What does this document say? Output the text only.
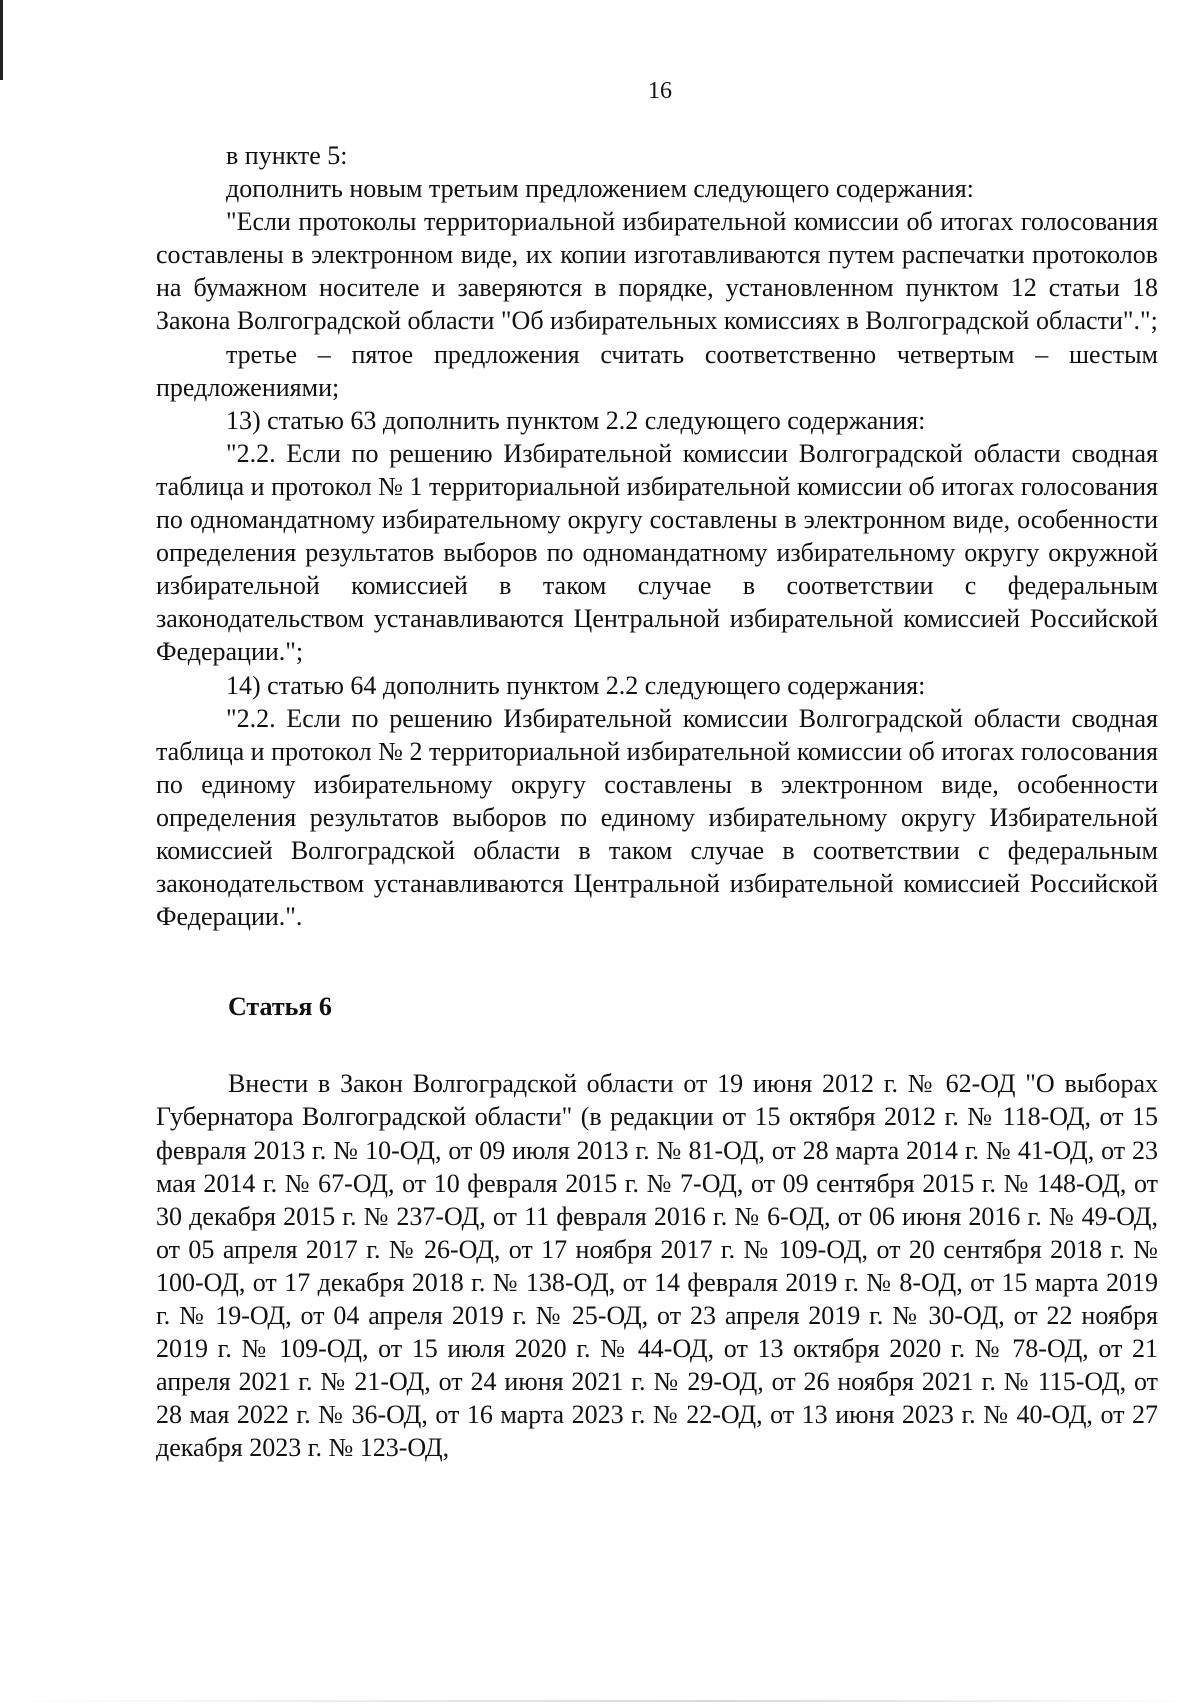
16

в пункте 5:

дополнить новым третьим предложением следующего содержания:

"Если протоколы территориальной избирательной комиссии об итогах голосования составлены в электронном виде, их копии изготавливаются путем распечатки протоколов на бумажном носителе и заверяются в порядке, установленном пунктом 12 статьи 18 Закона Волгоградской области "Об избирательных комиссиях в Волгоградской области".";

третье – пятое предложения считать соответственно четвертым – шестым предложениями;

13) статью 63 дополнить пунктом 2.2 следующего содержания:

"2.2. Если по решению Избирательной комиссии Волгоградской области сводная таблица и протокол № 1 территориальной избирательной комиссии об итогах голосования по одномандатному избирательному округу составлены в электронном виде, особенности определения результатов выборов по одномандатному избирательному округу окружной избирательной комиссией в таком случае в соответствии с федеральным законодательством устанавливаются Центральной избирательной комиссией Российской Федерации.";

14) статью 64 дополнить пунктом 2.2 следующего содержания:

"2.2. Если по решению Избирательной комиссии Волгоградской области сводная таблица и протокол № 2 территориальной избирательной комиссии об итогах голосования по единому избирательному округу составлены в электронном виде, особенности определения результатов выборов по единому избирательному округу Избирательной комиссией Волгоградской области в таком случае в соответствии с федеральным законодательством устанавливаются Центральной избирательной комиссией Российской Федерации.".

Статья 6

Внести в Закон Волгоградской области от 19 июня 2012 г. № 62-ОД "О выборах Губернатора Волгоградской области" (в редакции от 15 октября 2012 г. № 118-ОД, от 15 февраля 2013 г. № 10-ОД, от 09 июля 2013 г. № 81-ОД, от 28 марта 2014 г. № 41-ОД, от 23 мая 2014 г. № 67-ОД, от 10 февраля 2015 г. № 7-ОД, от 09 сентября 2015 г. № 148-ОД, от 30 декабря 2015 г. № 237-ОД, от 11 февраля 2016 г. № 6-ОД, от 06 июня 2016 г. № 49-ОД, от 05 апреля 2017 г. № 26-ОД, от 17 ноября 2017 г. № 109-ОД, от 20 сентября 2018 г. № 100-ОД, от 17 декабря 2018 г. № 138-ОД, от 14 февраля 2019 г. № 8-ОД, от 15 марта 2019 г. № 19-ОД, от 04 апреля 2019 г. № 25-ОД, от 23 апреля 2019 г. № 30-ОД, от 22 ноября 2019 г. № 109-ОД, от 15 июля 2020 г. № 44-ОД, от 13 октября 2020 г. № 78-ОД, от 21 апреля 2021 г. № 21-ОД, от 24 июня 2021 г. № 29-ОД, от 26 ноября 2021 г. № 115-ОД, от 28 мая 2022 г. № 36-ОД, от 16 марта 2023 г. № 22-ОД, от 13 июня 2023 г. № 40-ОД, от 27 декабря 2023 г. № 123-ОД,
